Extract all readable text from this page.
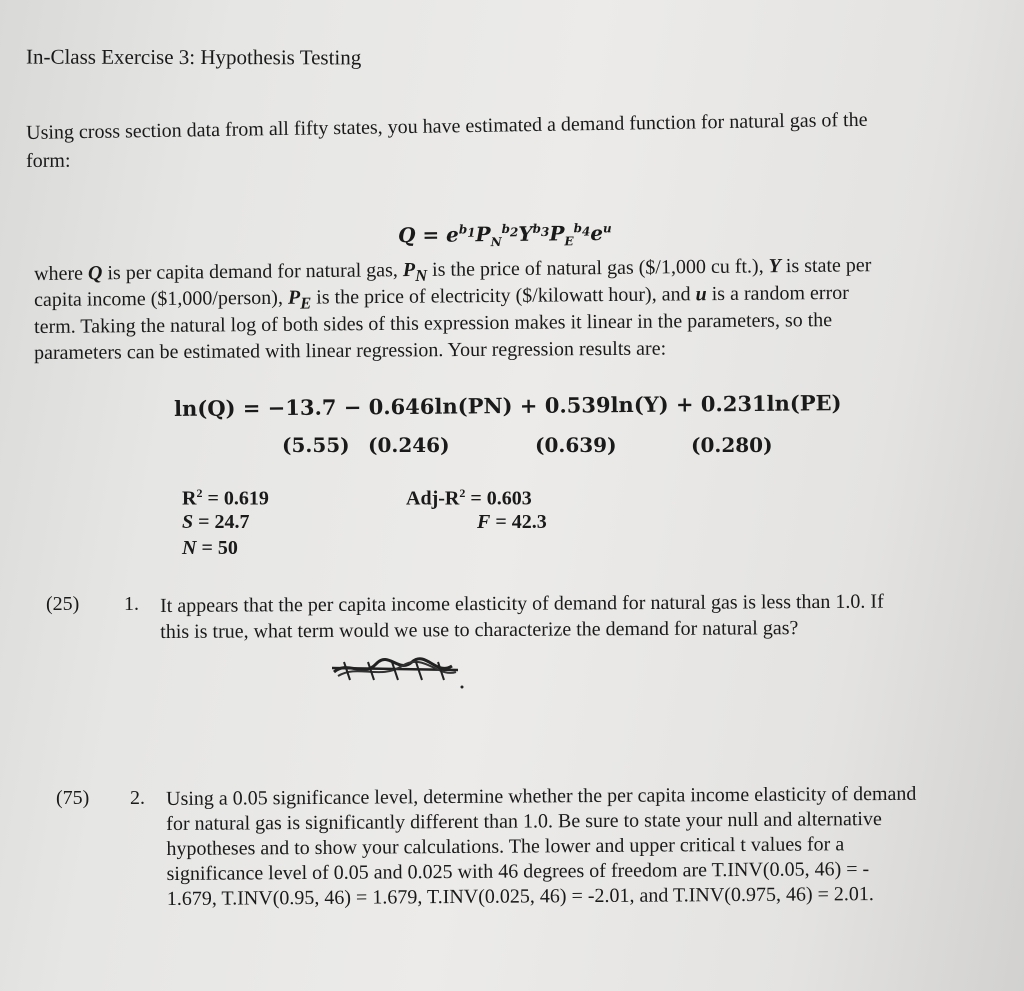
In-Class Exercise 3: Hypothesis Testing
Using cross section data from all fifty states, you have estimated a demand function for natural gas of the
form:
$Q = e^{b_1}P_N^{b_2}Y^{b_3}P_E^{b_4}e^u$
where Q is per capita demand for natural gas, $P_N$ is the price of natural gas ($/1,000 cu ft.), Y is state per
capita income ($1,000/person), $P_E$ is the price of electricity ($/kilowatt hour), and u is a random error
term. Taking the natural log of both sides of this expression makes it linear in the parameters, so the
parameters can be estimated with linear regression. Your regression results are:
ln(Q) = −13.7 − 0.646ln(PN) + 0.539ln(Y) + 0.231ln(PE)
(5.55) (0.246)	(0.639)	(0.280)
$R^2 = 0.619$
S = 24.7
N = 50
Adj-$R^2 = 0.603$
F = 42.3
(25) 1. It appears that the per capita income elasticity of demand for natural gas is less than 1.0. If
this is true, what term would we use to characterize the demand for natural gas?
(75) 2. Using a 0.05 significance level, determine whether the per capita income elasticity of demand
for natural gas is significantly different than 1.0. Be sure to state your null and alternative
hypotheses and to show your calculations. The lower and upper critical t values for a
significance level of 0.05 and 0.025 with 46 degrees of freedom are T.INV(0.05, 46) = -
1.679, T.INV(0.95, 46) = 1.679, T.INV(0.025, 46) = -2.01, and T.INV(0.975, 46) = 2.01.
